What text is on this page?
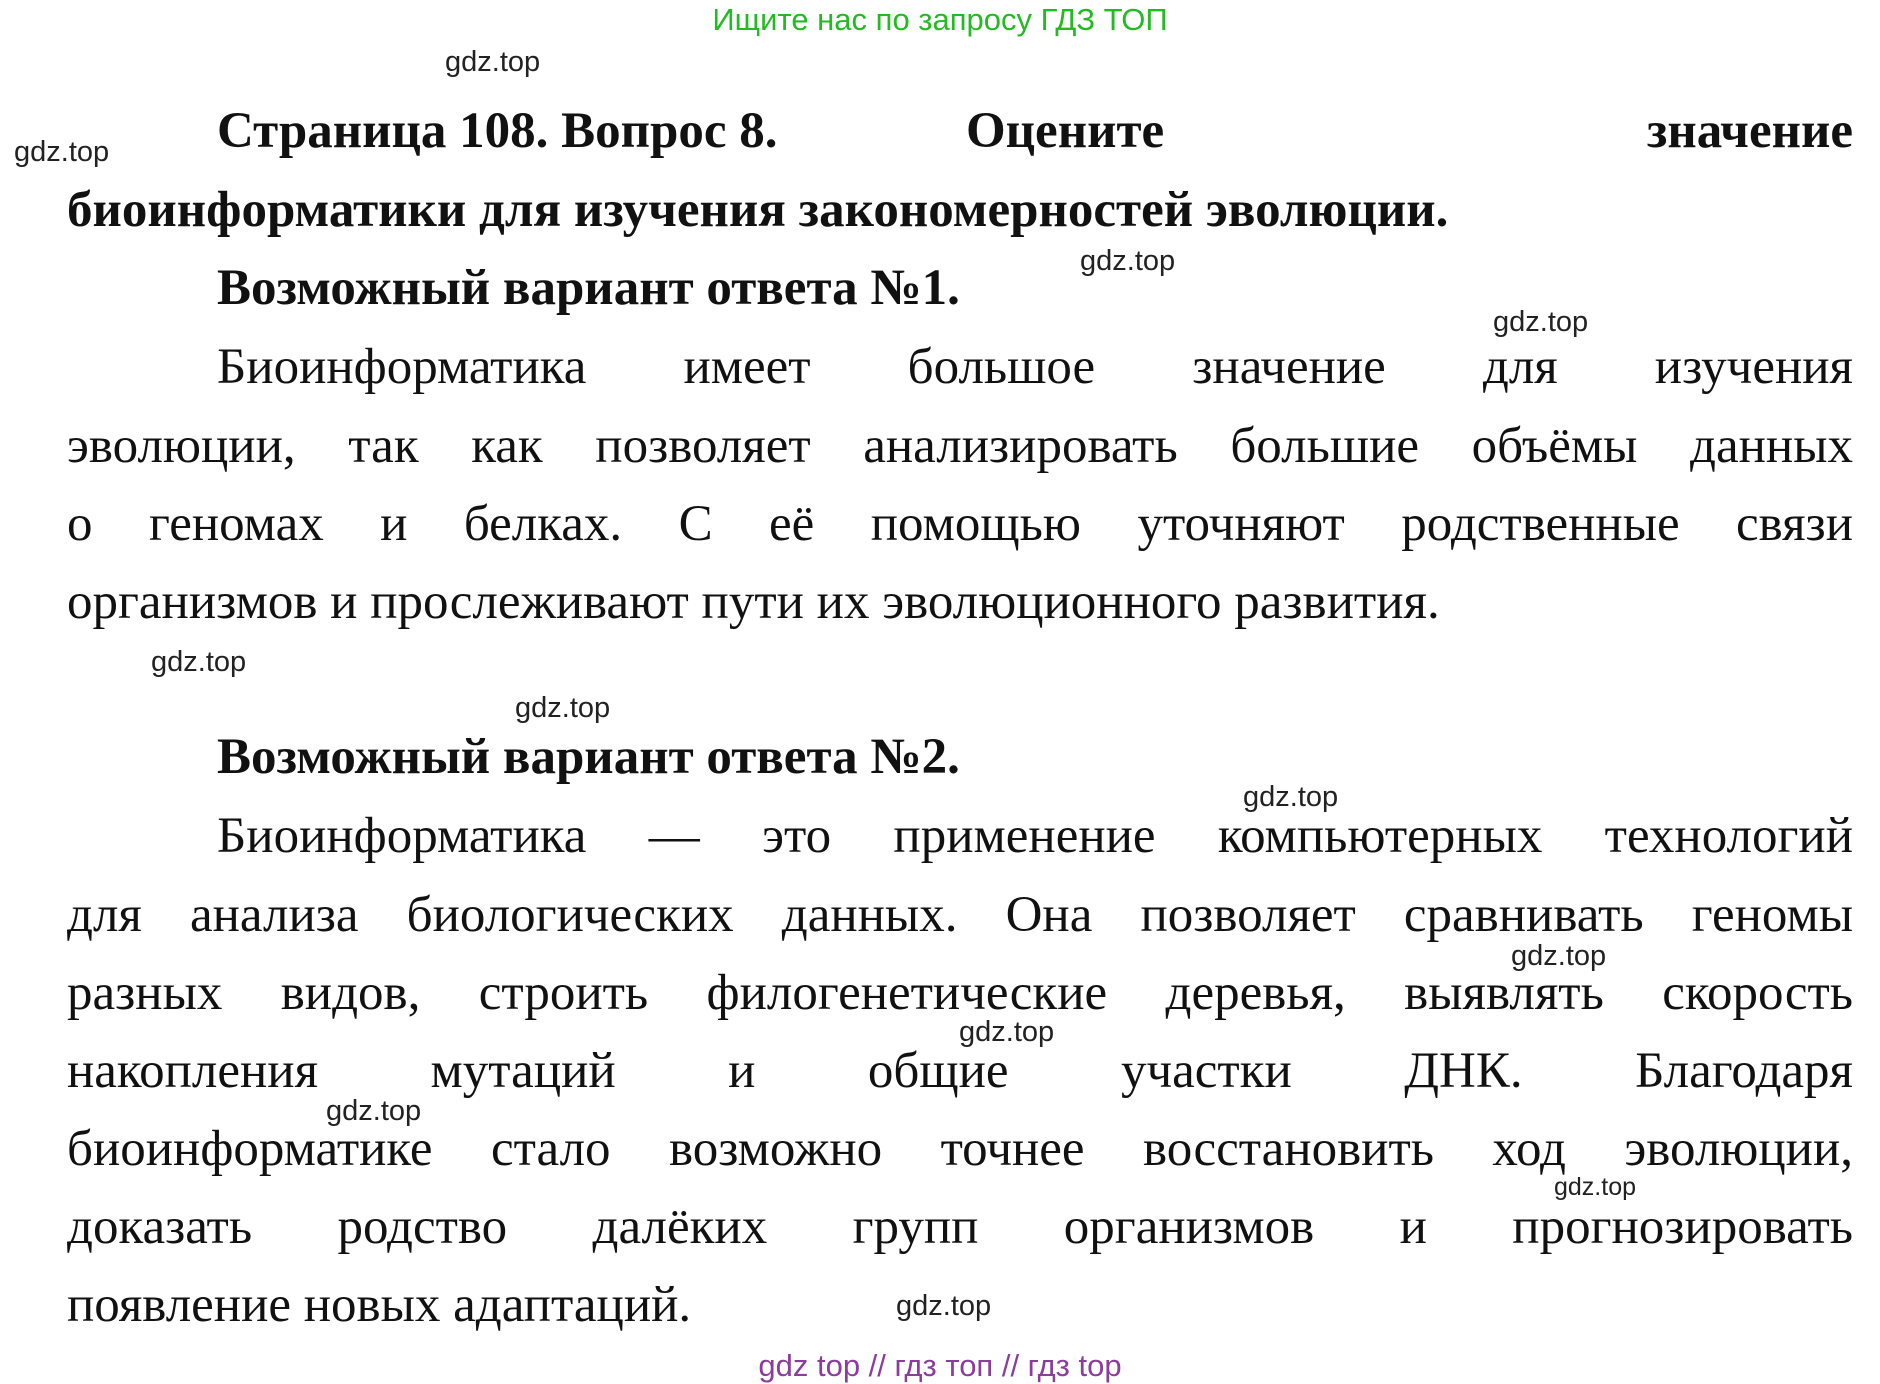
Ищите нас по запросу ГДЗ ТОП
gdz.top
gdz.top
gdz.top
gdz.top
gdz.top
gdz.top
gdz.top
gdz.top
gdz.top
gdz.top
gdz.top
gdz.top
Страница 108. Вопрос 8.	Оцените	значение
биоинформатики для изучения закономерностей эволюции.
Возможный вариант ответа №1.
Биоинформатика имеет большое значение для изучения
эволюции, так как позволяет анализировать большие объёмы данных
о геномах и белках. С её помощью уточняют родственные связи
организмов и прослеживают пути их эволюционного развития.
Возможный вариант ответа №2.
Биоинформатика — это применение компьютерных технологий
для анализа биологических данных. Она позволяет сравнивать геномы
разных видов, строить филогенетические деревья, выявлять скорость
накопления мутаций и общие участки ДНК. Благодаря
биоинформатике стало возможно точнее восстановить ход эволюции,
доказать родство далёких групп организмов и прогнозировать
появление новых адаптаций.
gdz top // гдз топ // гдз top
